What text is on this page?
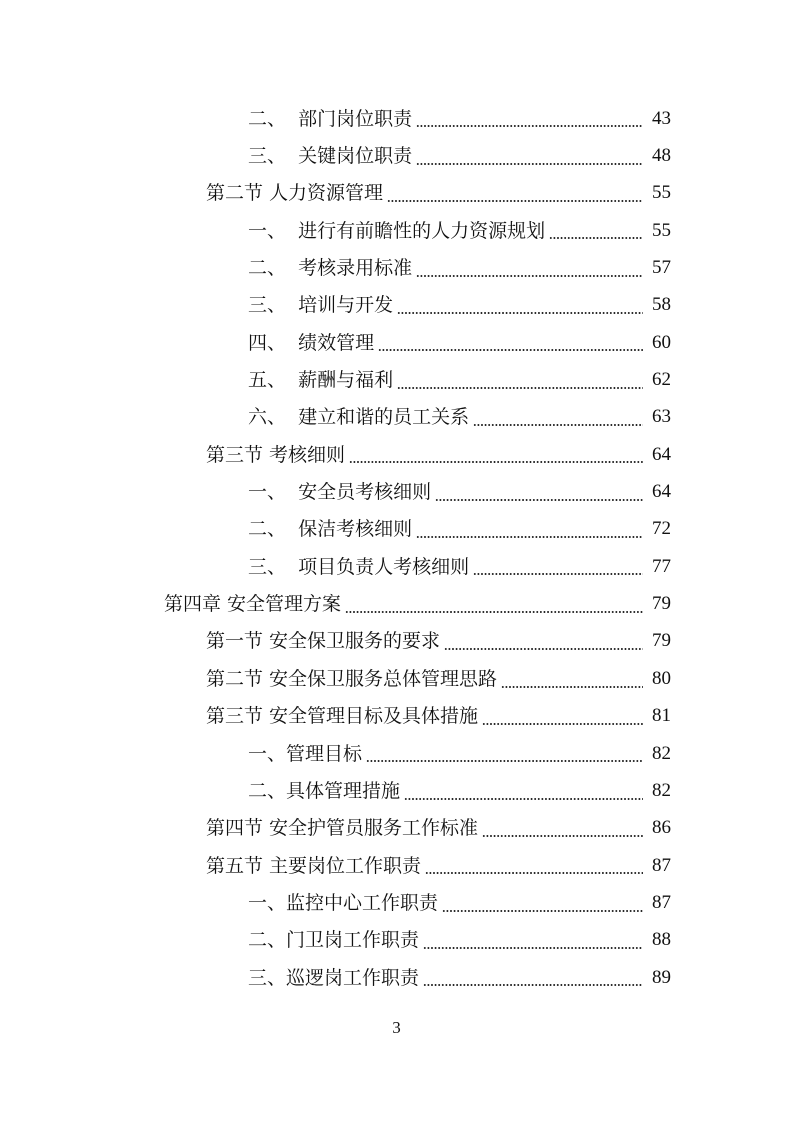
二、 部门岗位职责	43
三、 关键岗位职责	48
第二节 人力资源管理	55
一、 进行有前瞻性的人力资源规划	55
二、 考核录用标准	57
三、 培训与开发	58
四、 绩效管理	60
五、 薪酬与福利	62
六、 建立和谐的员工关系	63
第三节 考核细则	64
一、 安全员考核细则	64
二、 保洁考核细则	72
三、 项目负责人考核细则	77
第四章 安全管理方案	79
第一节 安全保卫服务的要求	79
第二节 安全保卫服务总体管理思路	80
第三节 安全管理目标及具体措施	81
一、 管理目标	82
二、 具体管理措施	82
第四节 安全护管员服务工作标准	86
第五节 主要岗位工作职责	87
一、 监控中心工作职责	87
二、 门卫岗工作职责	88
三、 巡逻岗工作职责	89
3
